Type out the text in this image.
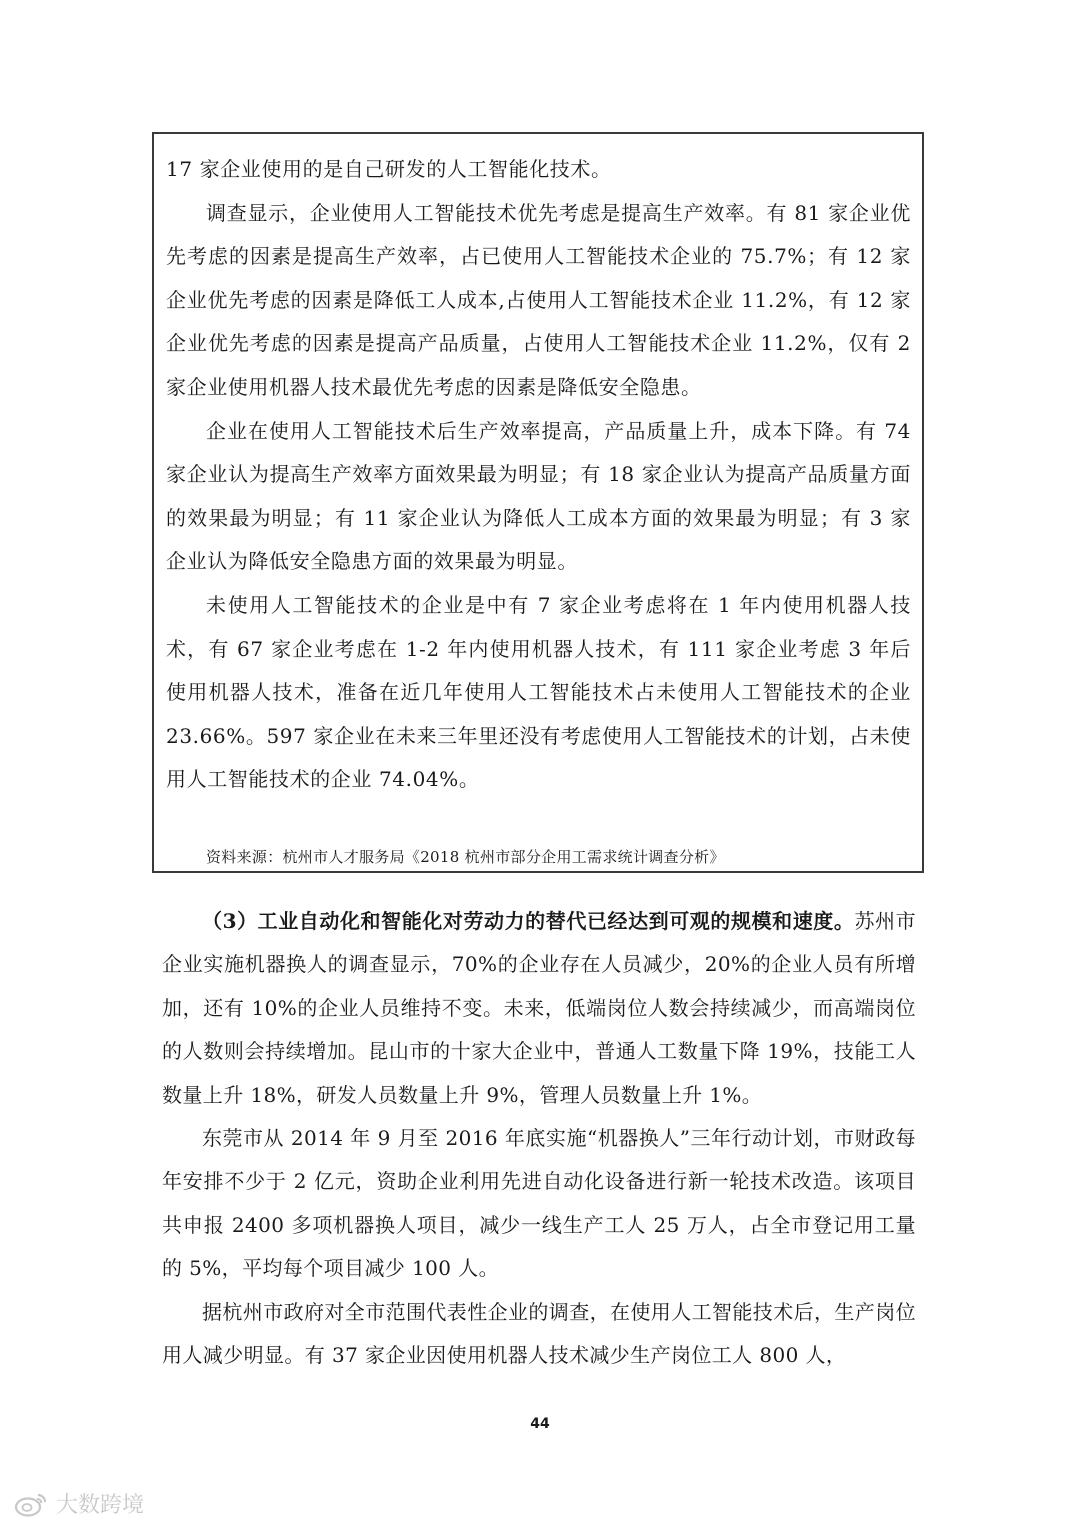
17 家企业使用的是自己研发的人工智能化技术。

调查显示，企业使用人工智能技术优先考虑是提高生产效率。有 81 家企业优先考虑的因素是提高生产效率，占已使用人工智能技术企业的 75.7%；有 12 家企业优先考虑的因素是降低工人成本,占使用人工智能技术企业 11.2%，有 12 家企业优先考虑的因素是提高产品质量，占使用人工智能技术企业 11.2%，仅有 2 家企业使用机器人技术最优先考虑的因素是降低安全隐患。

企业在使用人工智能技术后生产效率提高，产品质量上升，成本下降。有 74 家企业认为提高生产效率方面效果最为明显；有 18 家企业认为提高产品质量方面的效果最为明显；有 11 家企业认为降低人工成本方面的效果最为明显；有 3 家企业认为降低安全隐患方面的效果最为明显。

未使用人工智能技术的企业是中有 7 家企业考虑将在 1 年内使用机器人技术，有 67 家企业考虑在 1-2 年内使用机器人技术，有 111 家企业考虑 3 年后使用机器人技术，准备在近几年使用人工智能技术占未使用人工智能技术的企业 23.66%。597 家企业在未来三年里还没有考虑使用人工智能技术的计划，占未使用人工智能技术的企业 74.04%。

资料来源：杭州市人才服务局《2018 杭州市部分企用工需求统计调查分析》

（3）工业自动化和智能化对劳动力的替代已经达到可观的规模和速度。苏州市企业实施机器换人的调查显示，70%的企业存在人员减少，20%的企业人员有所增加，还有 10%的企业人员维持不变。未来，低端岗位人数会持续减少，而高端岗位的人数则会持续增加。昆山市的十家大企业中，普通人工数量下降 19%，技能工人数量上升 18%，研发人员数量上升 9%，管理人员数量上升 1%。

东莞市从 2014 年 9 月至 2016 年底实施“机器换人”三年行动计划，市财政每年安排不少于 2 亿元，资助企业利用先进自动化设备进行新一轮技术改造。该项目共申报 2400 多项机器换人项目，减少一线生产工人 25 万人，占全市登记用工量的 5%，平均每个项目减少 100 人。

据杭州市政府对全市范围代表性企业的调查，在使用人工智能技术后，生产岗位用人减少明显。有 37 家企业因使用机器人技术减少生产岗位工人 800 人，

44
大数跨境
